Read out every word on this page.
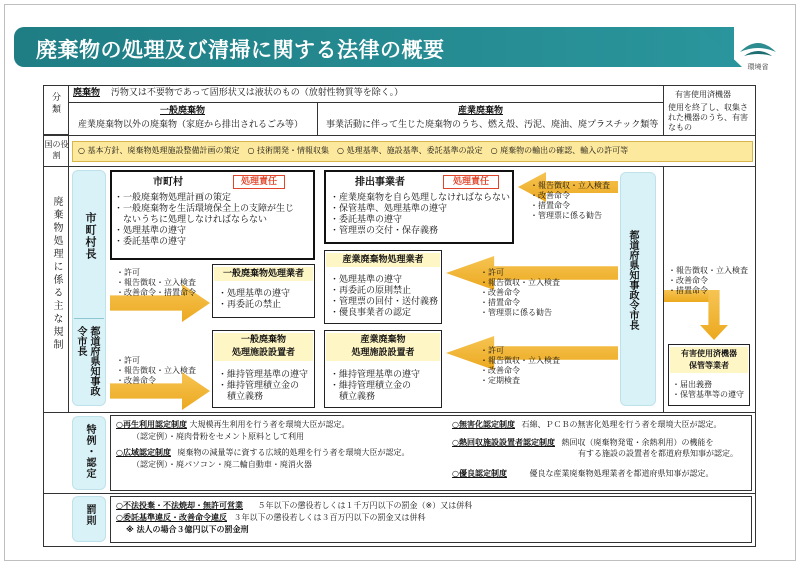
廃棄物の処理及び清掃に関する法律の概要
環境省
分類 廃棄物 汚物又は不要物であって固形状又は液状のもの（放射性物質等を除く。）
一般廃棄物
産業廃棄物以外の廃棄物（家庭から排出されるごみ等）
産業廃棄物
事業活動に伴って生じた廃棄物のうち、燃え殻、汚泥、廃油、廃プラスチック類等
有害使用済機器
使用を終了し、収集された機器のうち、有害なもの
国の役割
○ 基本方針、廃棄物処理施設整備計画の策定　○ 技術開発・情報収集　○ 処理基準、施設基準、委託基準の設定　○ 廃棄物の輸出の確認、輸入の許可等
廃棄物処理に係る主な規制 市町村長
都道府県知事政令市長
市町村	処理責任
・一般廃棄物処理計画の策定
・一般廃棄物を生活環境保全上の支障が生じ
　ないうちに処理しなければならない
・処理基準の遵守
・委託基準の遵守
・許可
・報告徴収・立入検査
・改善命令・措置命令
一般廃棄物処理業者
・処理基準の遵守
・再委託の禁止
・許可
・報告徴収・立入検査
・改善命令
一般廃棄物
処理施設設置者
・維持管理基準の遵守
・維持管理積立金の
　積立義務
排出事業者	処理責任
・産業廃棄物を自ら処理しなければならない
・保管基準、処理基準の遵守
・委託基準の遵守
・管理票の交付・保存義務
・報告徴収・立入検査
・改善命令
・措置命令
・管理票に係る勧告
産業廃棄物処理業者
・処理基準の遵守
・再委託の原則禁止
・管理票の回付・送付義務
・優良事業者の認定
・許可
・報告徴収・立入検査
・改善命令
・措置命令
・管理票に係る勧告
産業廃棄物
処理施設設置者
・維持管理基準の遵守
・維持管理積立金の
　積立義務
・許可
・報告徴収・立入検査
・改善命令
・定期検査
都道府県知事政令市長	・報告徴収・立入検査
・改善命令
・措置命令
有害使用済機器
保管等業者
・届出義務
・保管基準等の遵守
特例・認定	○再生利用認定制度 大規模再生利用を行う者を環境大臣が認定。
（認定例）・廃肉骨粉をセメント原料として利用
○広域認定制度 廃棄物の減量等に資する広域的処理を行う者を環境大臣が認定。
（認定例）・廃パソコン・廃二輪自動車・廃消火器
○無害化認定制度 石綿、ＰＣＢの無害化処理を行う者を環境大臣が認定。
○熱回収施設設置者認定制度 熱回収（廃棄物発電・余熱利用）の機能を
有する施設の設置者を都道府県知事が認定。
○優良認定制度	優良な産業廃棄物処理業者を都道府県知事が認定。
罰則	○不法投棄・不法焼却・無許可営業 ５年以下の懲役若しくは１千万円以下の罰金（※）又は併科
○委託基準違反・改善命令違反 ３年以下の懲役若しくは３百万円以下の罰金又は併科
※ 法人の場合３億円以下の罰金刑
